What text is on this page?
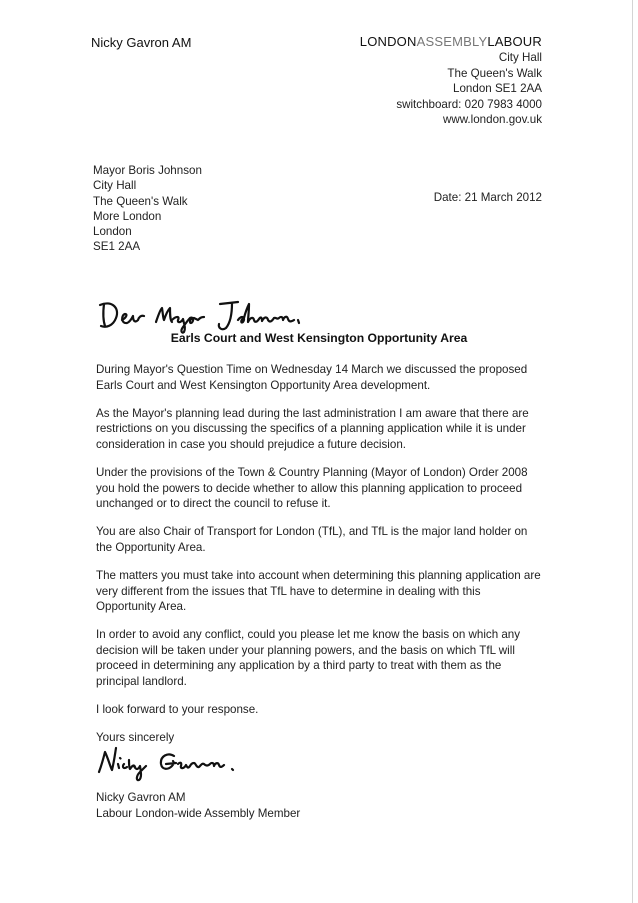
Nicky Gavron AM	LONDONASSEMBLYLABOUR
City Hall
The Queen's Walk
London SE1 2AA
switchboard: 020 7983 4000
www.london.gov.uk
Mayor Boris Johnson
City Hall
The Queen's Walk
More London
London
SE1 2AA
Date: 21 March 2012
Earls Court and West Kensington Opportunity Area
During Mayor's Question Time on Wednesday 14 March we discussed the proposed
Earls Court and West Kensington Opportunity Area development.
As the Mayor's planning lead during the last administration I am aware that there are
restrictions on you discussing the specifics of a planning application while it is under
consideration in case you should prejudice a future decision.
Under the provisions of the Town & Country Planning (Mayor of London) Order 2008
you hold the powers to decide whether to allow this planning application to proceed
unchanged or to direct the council to refuse it.
You are also Chair of Transport for London (TfL), and TfL is the major land holder on
the Opportunity Area.
The matters you must take into account when determining this planning application are
very different from the issues that TfL have to determine in dealing with this
Opportunity Area.
In order to avoid any conflict, could you please let me know the basis on which any
decision will be taken under your planning powers, and the basis on which TfL will
proceed in determining any application by a third party to treat with them as the
principal landlord.
I look forward to your response.
Yours sincerely
Nicky Gavron AM
Labour London-wide Assembly Member
